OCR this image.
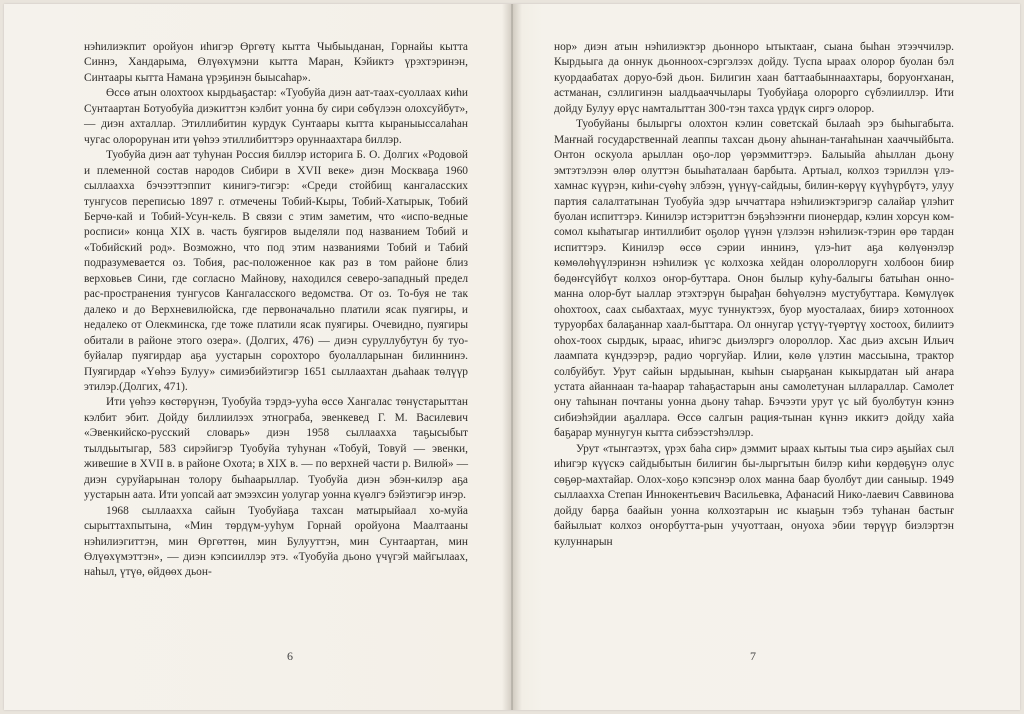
нэһилиэкпит оройуон иһигэр Өргөтү кытта Чыбыыданан, Горнайы кытта Синнэ, Хандарыма, Өлүөхүмэни кытта Маран, Кэйиктэ үрэхтэринэн, Синтаары кытта Намана үрэҕинэн быысаһар».

Өссө атын олохтоох кырдьаҕастар: «Туобуйа диэн аат-таах-суоллаах киһи Сунтаартан Ботуобуйа диэкиттэн кэлбит уонна бу сири сөбүлээн олохсуйбут», — диэн ахталлар. Этиллибитин курдук Сунтаары кытта кыраныыссалаһан чугас олорорунан ити үөһээ этиллибиттэрэ оруннаахтара биллэр.

Туобуйа диэн аат туһунан Россия биллэр историга Б. О. Долгих «Родовой и племенной состав народов Сибири в XVII веке» диэн Москваҕа 1960 сыллаахха бэчээттэппит кинигэ-тигэр: «Среди стойбищ кангаласских тунгусов переписью 1897 г. отмечены Тобий-Кыры, Тобий-Хатырык, Тобий Берчө-кай и Тобий-Усун-кель. В связи с этим заметим, что «испо-ведные росписи» конца XIX в. часть буягиров выделяли под названием Тобий и «Тобийский род». Возможно, что под этим названиями Тобий и Табий подразумевается оз. Тобия, рас-положенное как раз в том районе близ верховьев Сини, где согласно Майнову, находился северо-западный предел рас-пространения тунгусов Кангаласского ведомства. От оз. То-буя не так далеко и до Верхневилюйска, где первоначально платили ясак пуягиры, и недалеко от Олекминска, где тоже платили ясак пуягиры. Очевидно, пуягиры обитали в районе этого озера». (Долгих, 476) — диэн суруллубутун бу туо-буйалар пуягирдар аҕа уустарын сорохторо буолалларынан билиннинэ. Пуягирдар «Үөһээ Булуу» симиэбийэтигэр 1651 сыллаахтан дьаһаак төлүүр этилэр.(Долгих, 471).

Ити үөһээ көстөрүнэн, Туобуйа тэрдэ-ууһа өссө Хангалас төнүстарыттан кэлбит эбит. Дойду биллиилээх этнограба, эвенкевед Г. М. Василевич «Эвенкийско-русский словарь» диэн 1958 сыллаахха таҕысыбыт тылдьытыгар, 583 сирэйигэр Туобуйа туһунан «Тобуй, Товуй — эвенки, живешие в XVII в. в районе Охота; в XIX в. — по верхней части р. Вилюй» — диэн суруйарынан толору быһаарыллар. Туобуйа диэн эбэн-килэр аҕа уустарын аата. Ити уопсай аат эмээхсин уолугар уонна күөлгэ бэйэтигэр иҥэр.

1968 сыллаахха сайын Туобуйаҕа тахсан матырыйаал хо-муйа сырыттахпытына, «Мин төрдүм-ууһум Горнай оройуона Маалтааны нэһилиэгиттэн, мин Өргөттөн, мин Булууттэн, мин Сунтаартан, мин Өлүөхүмэттэн», — диэн кэпсииллэр этэ. «Туобуйа дьоно үчүгэй майгылаах, наһыл, үтүө, өйдөөх дьон-

6

нор» диэн атын нэһилиэктэр дьонноро ытыктааҥ, сыана быһан этээччилэр. Кырдьыга да оннук дьонноох-сэргэлээх дойду. Туспа ыраах олорор буолан бэл куордаабатах доруо-бэй дьон. Билигин хаан баттаабыннаахтары, боруоҥханан, астманан, сэллигинэн ыалдьааччылары Туобуйаҕа олорорго сүбэлииллэр. Ити дойду Булуу өрүс намталыттан 300-тэн тахса үрдүк сиргэ олорор.

Туобуйаны былыргы олохтон кэлин советскай былааһ эрэ быһыгабыта. Маҥнай государственнай леаппы тахсан дьону аһынан-таҥаһынан хааччыйбыта. Онтон оскуола арыллан оҕо-лор үөрэммиттэрэ. Балыыйа аһыллан дьону эмтэтэлээн өлөр олуттэн быыһаталаан барбыта. Артыал, колхоз тэриллэн үлэ-хамнас күүрэн, киһи-сүөһү элбээн, үүнүү-сайдыы, билин-көрүү күүһүрбүтэ, улуу партия салалтатынан Туобуйа эдэр ыччаттара нэһилиэктэригэр салайар үлэһит буолан испиттэрэ. Кинилэр истэриттэн бэҕэһээҥҥи пионердар, кэлин хорсун ком-сомол кыһатыгар интиллибит оҕолор үүнэн үлэлээн нэһилиэк-тэрин өрө тардан испиттэрэ. Кинилэр өссө сэрии иннинэ, үлэ-һит аҕа көлүөнэлэр көмөлөһүүлэринэн нэһилиэк үс колхозка хейдан олороллоругн холбоон биир бөдөҥсүйбүт колхоз оҥор-буттара. Онон былыр куһу-балыгы батыһан онно-манна олор-бут ыаллар этэхтэрүн бырађан бөһүөлэнэ мустубуттара. Көмүлүөк оһохтоох, саах сыбахтаах, муус туннуктээх, буор муосталаах, биирэ хотонноох туруорбах балаҕаннар хаал-быттара. Ол оннугар үстүү-түөртүү хостоох, билиитэ оһох-тоох сырдык, ыраас, иһигэс дьиэлэргэ олороллор. Хас дьиэ ахсын Ильич лаампата күндээрэр, радио чоргуйар. Илии, көлө үлэтин массыына, трактор солбуйбут. Урут сайын ырдыынан, кыһын сыарҕанан кыкырдатан ый аҥара устата айаннаан та-һаарар таһаҕастарын аны самолетунан ыллараллар. Самолет ону таһынан почтаны уонна дьону таһар. Бэчээти урут үс ый буолбутун кэннэ сибиэһэйдии аҕаллара. Өссө салгын рация-тынан күннэ иккитэ дойду хайа баҕарар муннугун кытта сибээстэһэллэр.

Урут «тыҥгаэтэх, үрэх баһа сир» дэммит ыраах кытыы тыа сирэ аҕыйах сыл иһигэр күүскэ сайдыбытын билигин бы-лыргытын билэр киһи көрдөҕүнэ олус сөҕөр-махтайар. Олох-хоҕо кэпсэнэр олох манна баар буолбут дии саныыр. 1949 сыллаахха Степан Иннокентьевич Васильевка, Афанасий Нико-лаевич Саввинова дойду барҕа баайын уонна колхозтарын ис кыаҕын тэбэ туһанан бастыҥ байылыат колхоз оҥорбутта-рын учуоттаан, онуоха эбии төрүүр биэлэртэн кулуннарын

7
